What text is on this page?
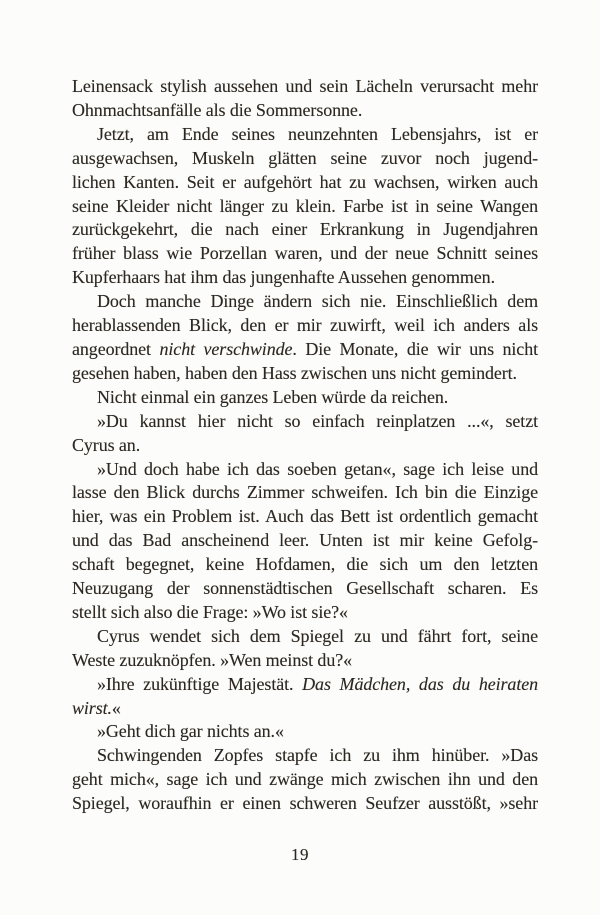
Leinensack stylish aussehen und sein Lächeln verursacht mehr
Ohnmachtsanfälle als die Sommersonne.
Jetzt, am Ende seines neunzehnten Lebensjahrs, ist er
ausgewachsen, Muskeln glätten seine zuvor noch jugend-
lichen Kanten. Seit er aufgehört hat zu wachsen, wirken auch
seine Kleider nicht länger zu klein. Farbe ist in seine Wangen
zurückgekehrt, die nach einer Erkrankung in Jugendjahren
früher blass wie Porzellan waren, und der neue Schnitt seines
Kupferhaars hat ihm das jungenhafte Aussehen genommen.
Doch manche Dinge ändern sich nie. Einschließlich dem
herablassenden Blick, den er mir zuwirft, weil ich anders als
angeordnet nicht verschwinde. Die Monate, die wir uns nicht
gesehen haben, haben den Hass zwischen uns nicht gemindert.
Nicht einmal ein ganzes Leben würde da reichen.
»Du kannst hier nicht so einfach reinplatzen ...«, setzt
Cyrus an.
»Und doch habe ich das soeben getan«, sage ich leise und
lasse den Blick durchs Zimmer schweifen. Ich bin die Einzige
hier, was ein Problem ist. Auch das Bett ist ordentlich gemacht
und das Bad anscheinend leer. Unten ist mir keine Gefolg-
schaft begegnet, keine Hofdamen, die sich um den letzten
Neuzugang der sonnenstädtischen Gesellschaft scharen. Es
stellt sich also die Frage: »Wo ist sie?«
Cyrus wendet sich dem Spiegel zu und fährt fort, seine
Weste zuzuknöpfen. »Wen meinst du?«
»Ihre zukünftige Majestät. Das Mädchen, das du heiraten
wirst.«
»Geht dich gar nichts an.«
Schwingenden Zopfes stapfe ich zu ihm hinüber. »Das
geht mich«, sage ich und zwänge mich zwischen ihn und den
Spiegel, woraufhin er einen schweren Seufzer ausstößt, »sehr
19
